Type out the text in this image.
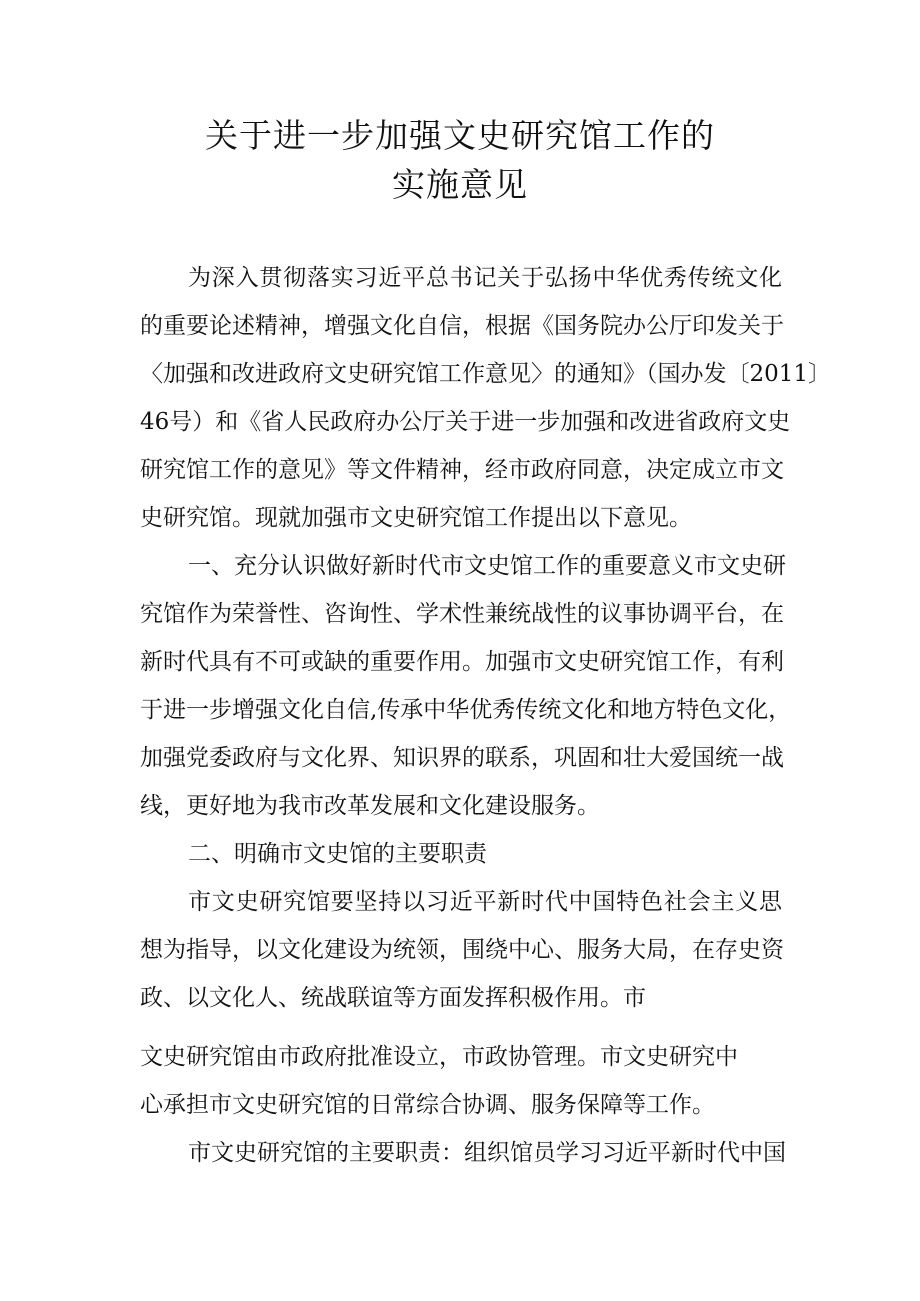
关于进一步加强文史研究馆工作的
实施意见
为深入贯彻落实习近平总书记关于弘扬中华优秀传统文化
的重要论述精神，增强文化自信，根据《国务院办公厅印发关于
〈加强和改进政府文史研究馆工作意见〉的通知》（国办发〔2011〕
46号）和《省人民政府办公厅关于进一步加强和改进省政府文史
研究馆工作的意见》等文件精神，经市政府同意，决定成立市文
史研究馆。现就加强市文史研究馆工作提出以下意见。
一、充分认识做好新时代市文史馆工作的重要意义市文史研
究馆作为荣誉性、咨询性、学术性兼统战性的议事协调平台，在
新时代具有不可或缺的重要作用。加强市文史研究馆工作，有利
于进一步增强文化自信,传承中华优秀传统文化和地方特色文化，
加强党委政府与文化界、知识界的联系，巩固和壮大爱国统一战
线，更好地为我市改革发展和文化建设服务。
二、明确市文史馆的主要职责
市文史研究馆要坚持以习近平新时代中国特色社会主义思
想为指导，以文化建设为统领，围绕中心、服务大局，在存史资
政、以文化人、统战联谊等方面发挥积极作用。市
文史研究馆由市政府批准设立，市政协管理。市文史研究中
心承担市文史研究馆的日常综合协调、服务保障等工作。
市文史研究馆的主要职责：组织馆员学习习近平新时代中国
